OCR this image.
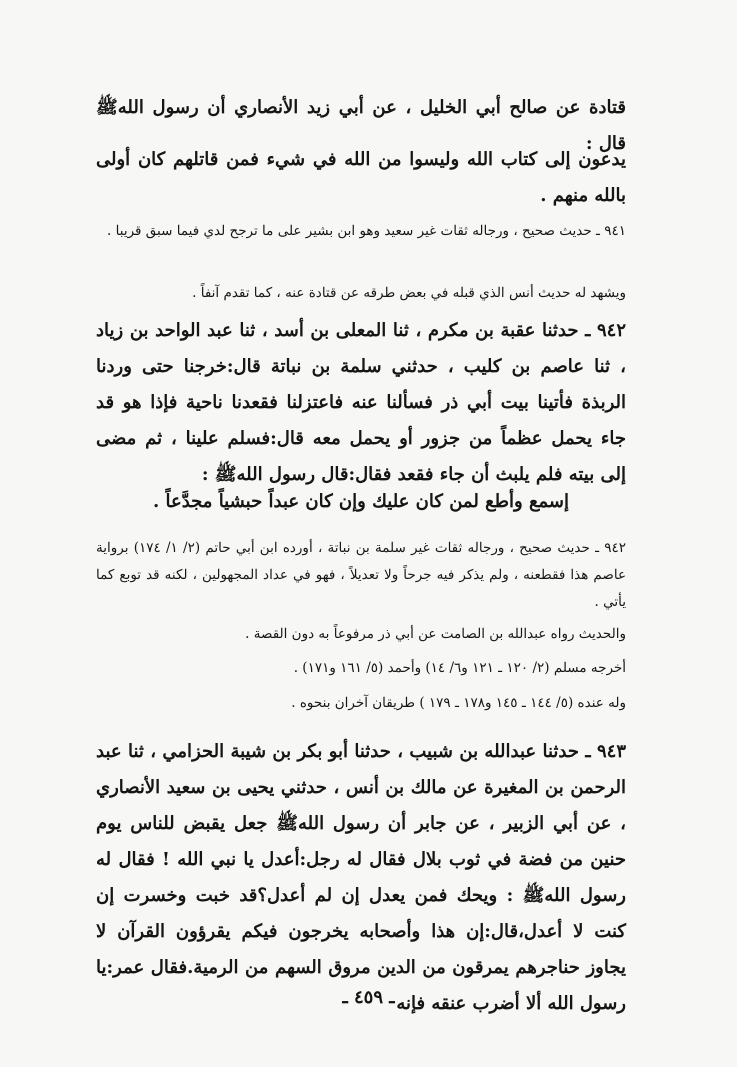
قتادة عن صالح أبي الخليل ، عن أبي زيد الأنصاري أن رسول اللهﷺ قال :

يدعون إلى كتاب الله وليسوا من الله في شيء فمن قاتلهم كان أولى بالله منهم .

٩٤١ ـ حديث صحيح ، ورجاله ثقات غير سعيد وهو ابن بشير على ما ترجح لدي فيما سبق قريبا .

ويشهد له حديث أنس الذي قبله في بعض طرقه عن قتادة عنه ، كما تقدم آنفاً .

٩٤٢ ـ حدثنا عقبة بن مكرم ، ثنا المعلى بن أسد ، ثنا عبد الواحد بن زياد ، ثنا عاصم بن كليب ، حدثني سلمة بن نباتة قال:خرجنا حتى وردنا الربذة فأتينا بيت أبي ذر فسألنا عنه فاعتزلنا فقعدنا ناحية فإذا هو قد جاء يحمل عظماً من جزور أو يحمل معه قال:فسلم علينا ، ثم مضى إلى بيته فلم يلبث أن جاء فقعد فقال:قال رسول اللهﷺ :

إسمع وأطع لمن كان عليك وإن كان عبداً حبشياً مجدَّعاً .

٩٤٢ ـ حديث صحيح ، ورجاله ثقات غير سلمة بن نباتة ، أورده ابن أبي حاتم (٢/ ١/ ١٧٤) برواية عاصم هذا فقطعنه ، ولم يذكر فيه جرحاً ولا تعديلاً ، فهو في عداد المجهولين ، لكنه قد توبع كما يأتي .

والحديث رواه عبدالله بن الصامت عن أبي ذر مرفوعاً به دون القصة .

أخرجه مسلم (٢/ ١٢٠ ـ ١٢١ و٦/ ١٤) وأحمد (٥/ ١٦١ و١٧١) .

وله عنده (٥/ ١٤٤ ـ ١٤٥ و١٧٨ ـ ١٧٩ ) طريقان آخران بنحوه .

٩٤٣ ـ حدثنا عبدالله بن شبيب ، حدثنا أبو بكر بن شيبة الحزامي ، ثنا عبد الرحمن بن المغيرة عن مالك بن أنس ، حدثني يحيى بن سعيد الأنصاري ، عن أبي الزبير ، عن جابر أن رسول اللهﷺ جعل يقبض للناس يوم حنين من فضة في ثوب بلال فقال له رجل:أعدل يا نبي الله ! فقال له رسول اللهﷺ : ويحك فمن يعدل إن لم أعدل؟قد خبت وخسرت إن كنت لا أعدل،قال:إن هذا وأصحابه يخرجون فيكم يقرؤون القرآن لا يجاوز حناجرهم يمرقون من الدين مروق السهم من الرمية.فقال عمر:يا رسول الله ألا أضرب عنقه فإنه

ـ ٤٥٩ ـ
